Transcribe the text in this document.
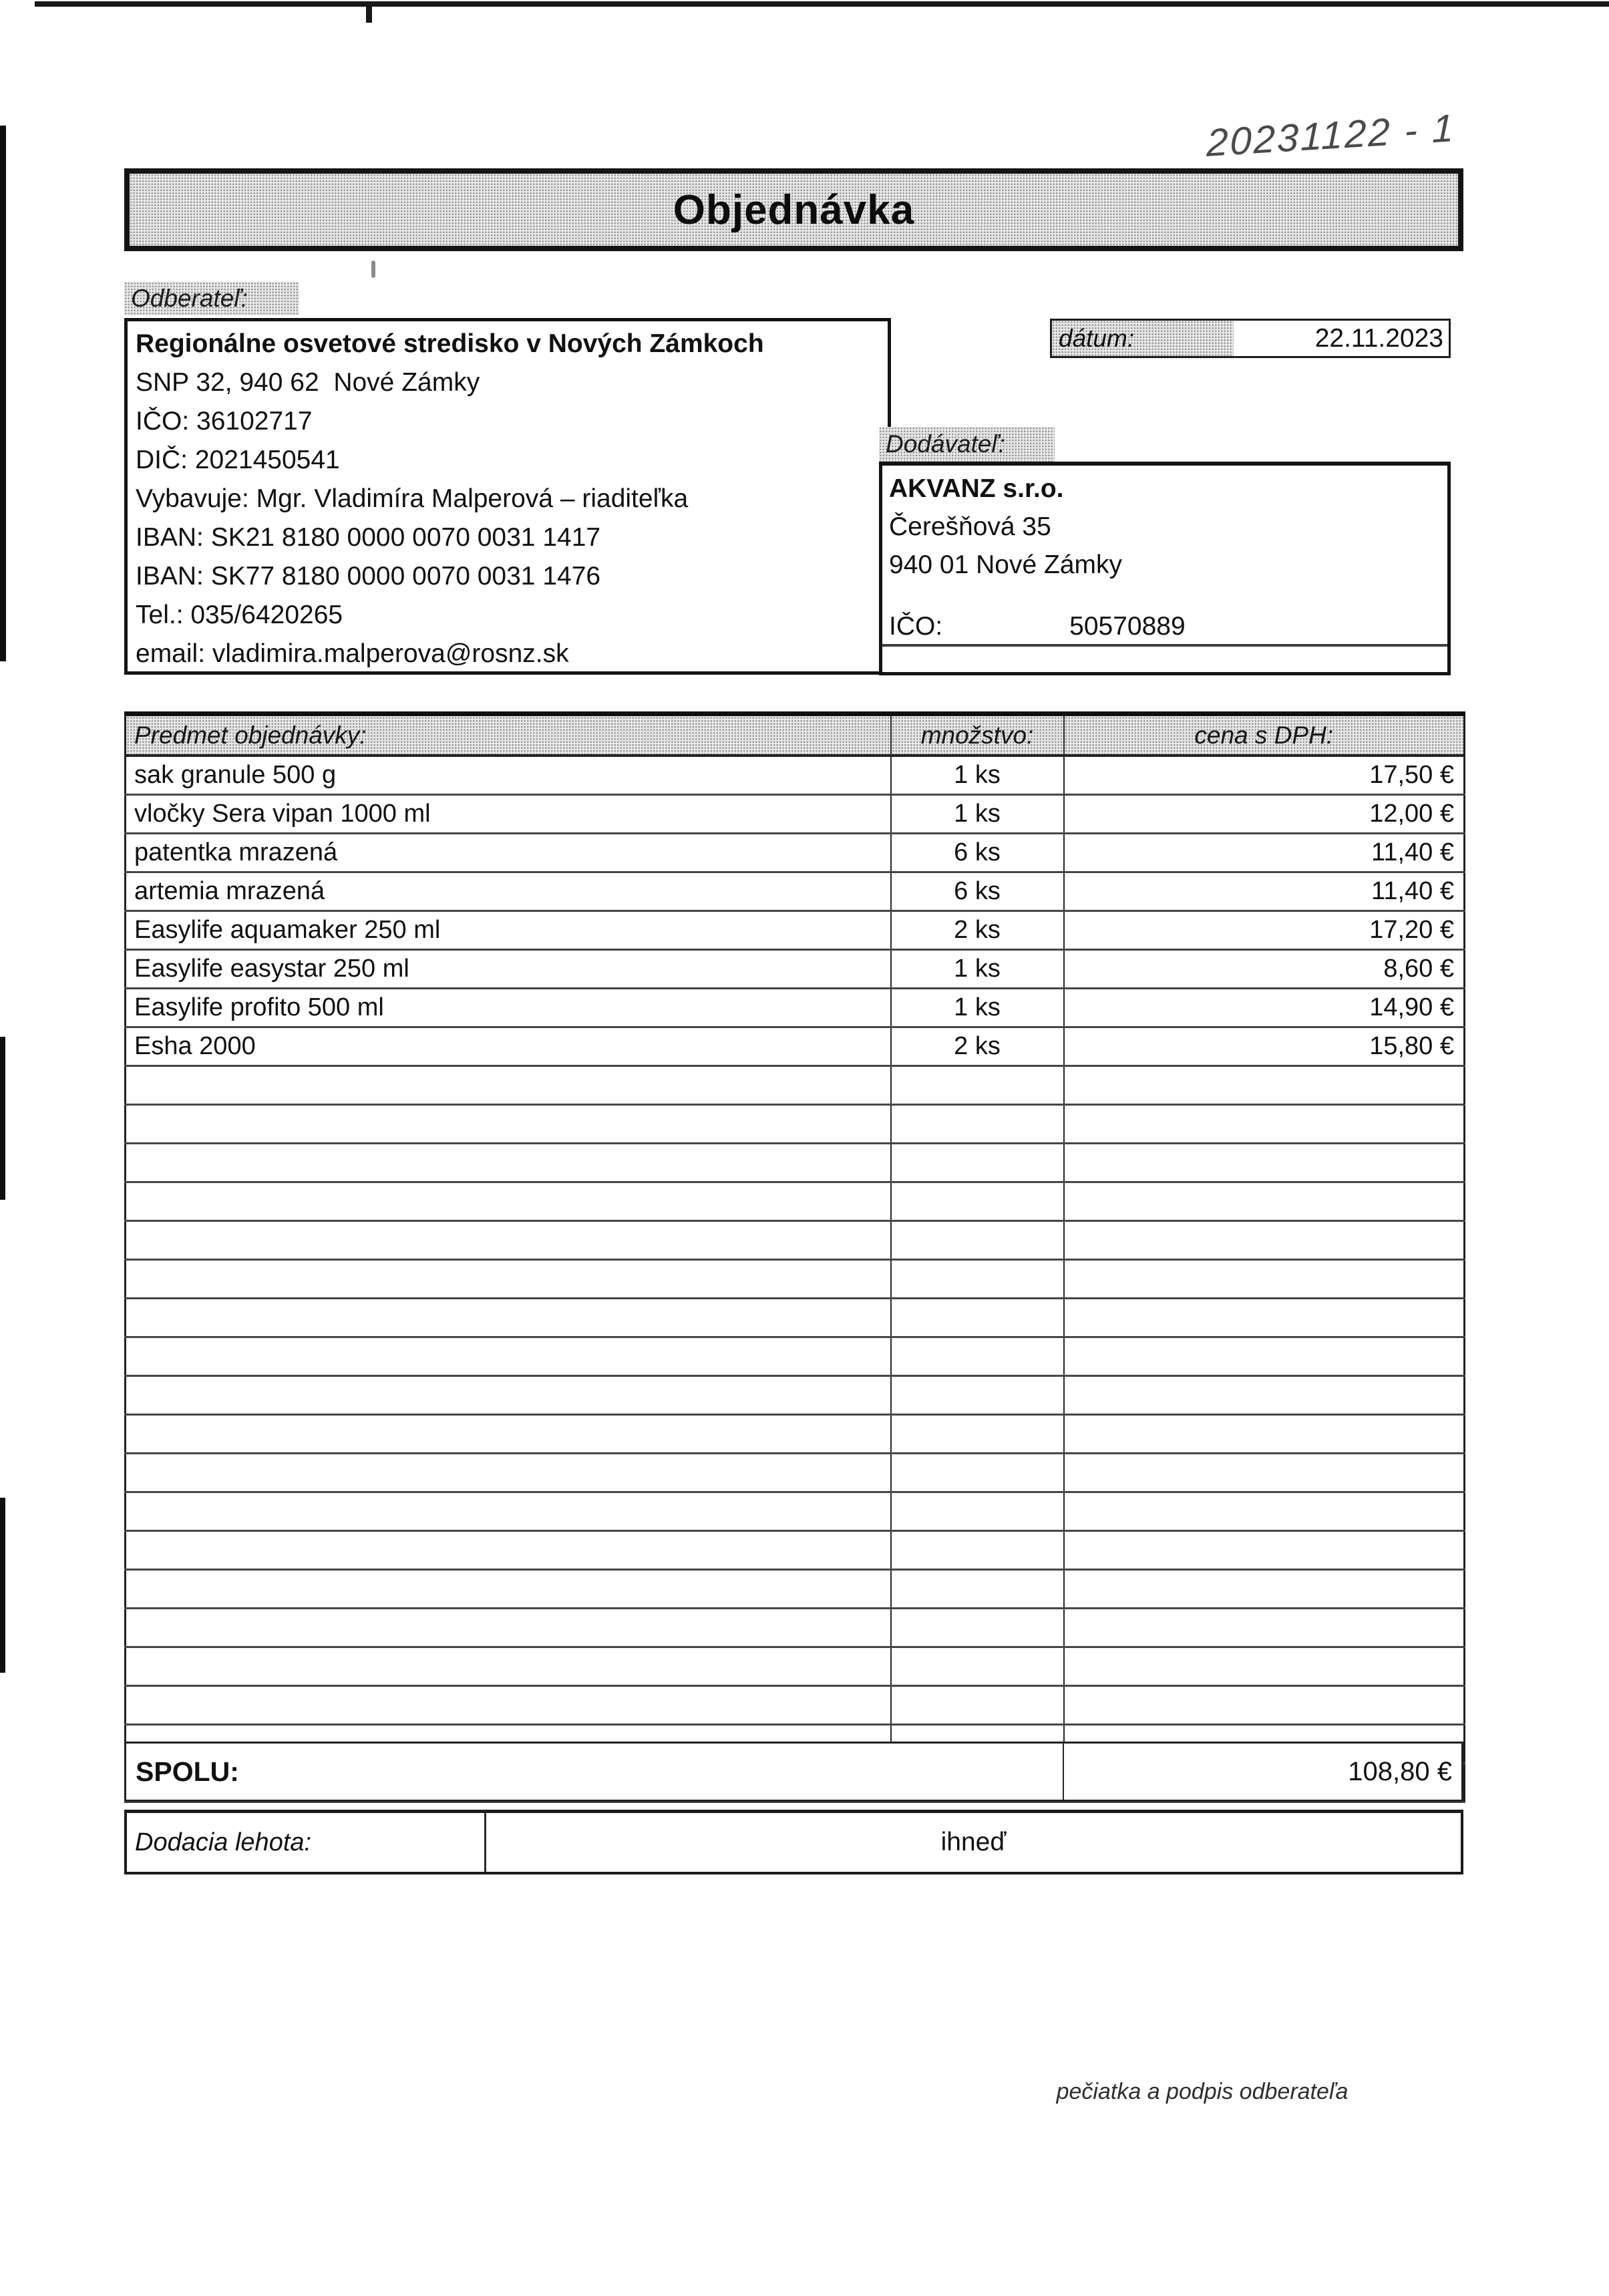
20231122 - 1
Objednávka
Odberateľ:
Regionálne osvetové stredisko v Nových Zámkoch
SNP 32, 940 62  Nové Zámky
IČO: 36102717
DIČ: 2021450541
Vybavuje: Mgr. Vladimíra Malperová – riaditeľka
IBAN: SK21 8180 0000 0070 0031 1417
IBAN: SK77 8180 0000 0070 0031 1476
Tel.: 035/6420265
email: vladimira.malperova@rosnz.sk
dátum:	22.11.2023
Dodávateľ:
AKVANZ s.r.o.
Čerešňová 35
940 01 Nové Zámky
IČO:	50570889
Predmet objednávky:	množstvo:	cena s DPH:
sak granule 500 g	1 ks	17,50 €
vločky Sera vipan 1000 ml	1 ks	12,00 €
patentka mrazená	6 ks	11,40 €
artemia mrazená	6 ks	11,40 €
Easylife aquamaker 250 ml	2 ks	17,20 €
Easylife easystar 250 ml	1 ks	8,60 €
Easylife profito 500 ml	1 ks	14,90 €
Esha 2000	2 ks	15,80 €

SPOLU:	108,80 €
Dodacia lehota:	ihneď
pečiatka a podpis odberateľa
